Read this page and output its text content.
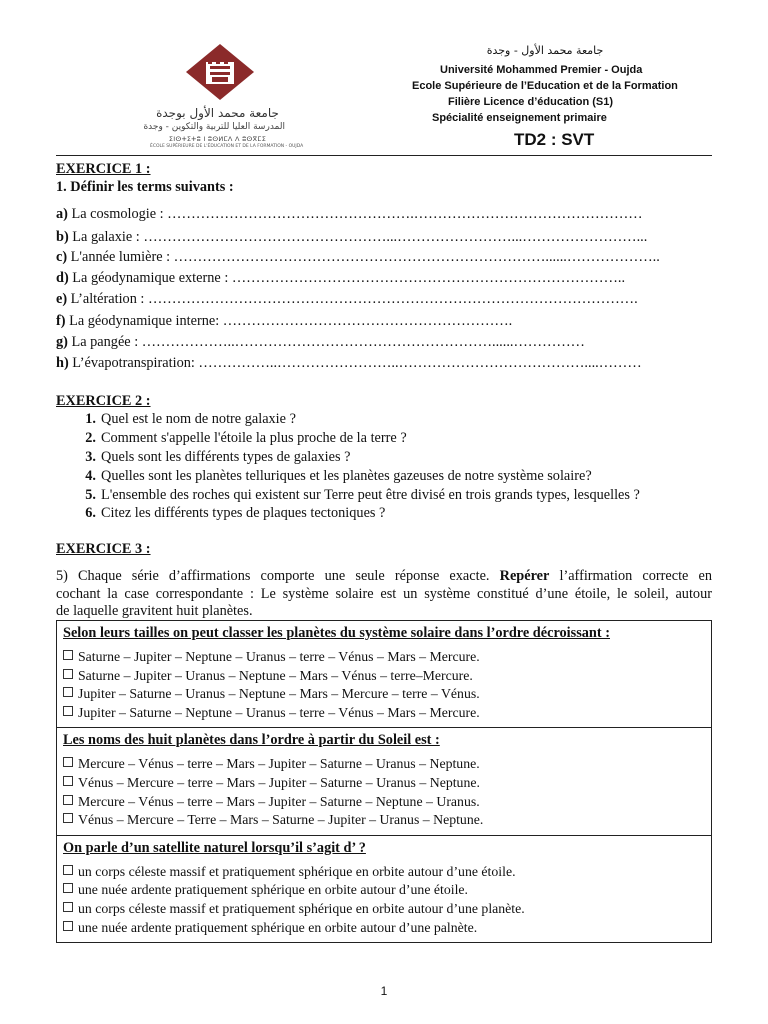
جامعة محمد الأول بوجدة
المدرسة العليا للتربية والتكوين - وجدة
ⵉⵏⵙⵜⵉⵜⵓ ⵏ ⵓⵙⵍⵎⴷ ⴷ ⵓⵙⴳⵎⵉ
ÉCOLE SUPÉRIEURE DE L'ÉDUCATION ET DE LA FORMATION - OUJDA
جامعة محمد الأول - وجدة
Université Mohammed Premier - Oujda
Ecole Supérieure de l’Education et de la Formation
Filière Licence d’éducation (S1)
Spécialité enseignement primaire
TD2 : SVT
EXERCICE 1 :
1. Définir les terms suivants :
a) La cosmologie : …………………………………………….…………………………………………
b) La galaxie : ……………………………………………...……………………...……………………...
c) L'année lumière : ……………………………………………………………………......………………..
d) La géodynamique externe : ………………………………………………………………………..
e) L’altération : ………………………………………………………………………………………….
f) La géodynamique interne: …………………………………………………….
g) La pangée : ………………..………………………………………………......……………
h) L’évapotranspiration: ……………..……………………..…………………………………....………
EXERCICE 2 :
1. Quel est le nom de notre galaxie ?
2. Comment s'appelle l'étoile la plus proche de la terre ?
3. Quels sont les différents types de galaxies ?
4. Quelles sont les planètes telluriques et les planètes gazeuses de notre système solaire?
5. L'ensemble des roches qui existent sur Terre peut être divisé en trois grands types, lesquelles ?
6. Citez les différents types de plaques tectoniques ?
EXERCICE 3 :
5) Chaque série d’affirmations comporte une seule réponse exacte. Repérer l’affirmation correcte en
cochant la case correspondante : Le système solaire est un système constitué d’une étoile, le soleil, autour
de laquelle gravitent huit planètes.
Selon leurs tailles on peut classer les planètes du système solaire dans l’ordre décroissant :
Saturne – Jupiter – Neptune – Uranus – terre – Vénus – Mars – Mercure.
Saturne – Jupiter – Uranus – Neptune – Mars – Vénus – terre–Mercure.
Jupiter – Saturne – Uranus – Neptune – Mars – Mercure – terre – Vénus.
Jupiter – Saturne – Neptune – Uranus – terre – Vénus – Mars – Mercure.

Les noms des huit planètes dans l’ordre à partir du Soleil est :
Mercure – Vénus – terre – Mars – Jupiter – Saturne – Uranus – Neptune.
Vénus – Mercure – terre – Mars – Jupiter – Saturne – Uranus – Neptune.
Mercure – Vénus – terre – Mars – Jupiter – Saturne – Neptune – Uranus.
Vénus – Mercure – Terre – Mars – Saturne – Jupiter – Uranus – Neptune.

On parle d’un satellite naturel lorsqu’il s’agit d’ ?
un corps céleste massif et pratiquement sphérique en orbite autour d’une étoile.
une nuée ardente pratiquement sphérique en orbite autour d’une étoile.
un corps céleste massif et pratiquement sphérique en orbite autour d’une planète.
une nuée ardente pratiquement sphérique en orbite autour d’une palnète.
1
